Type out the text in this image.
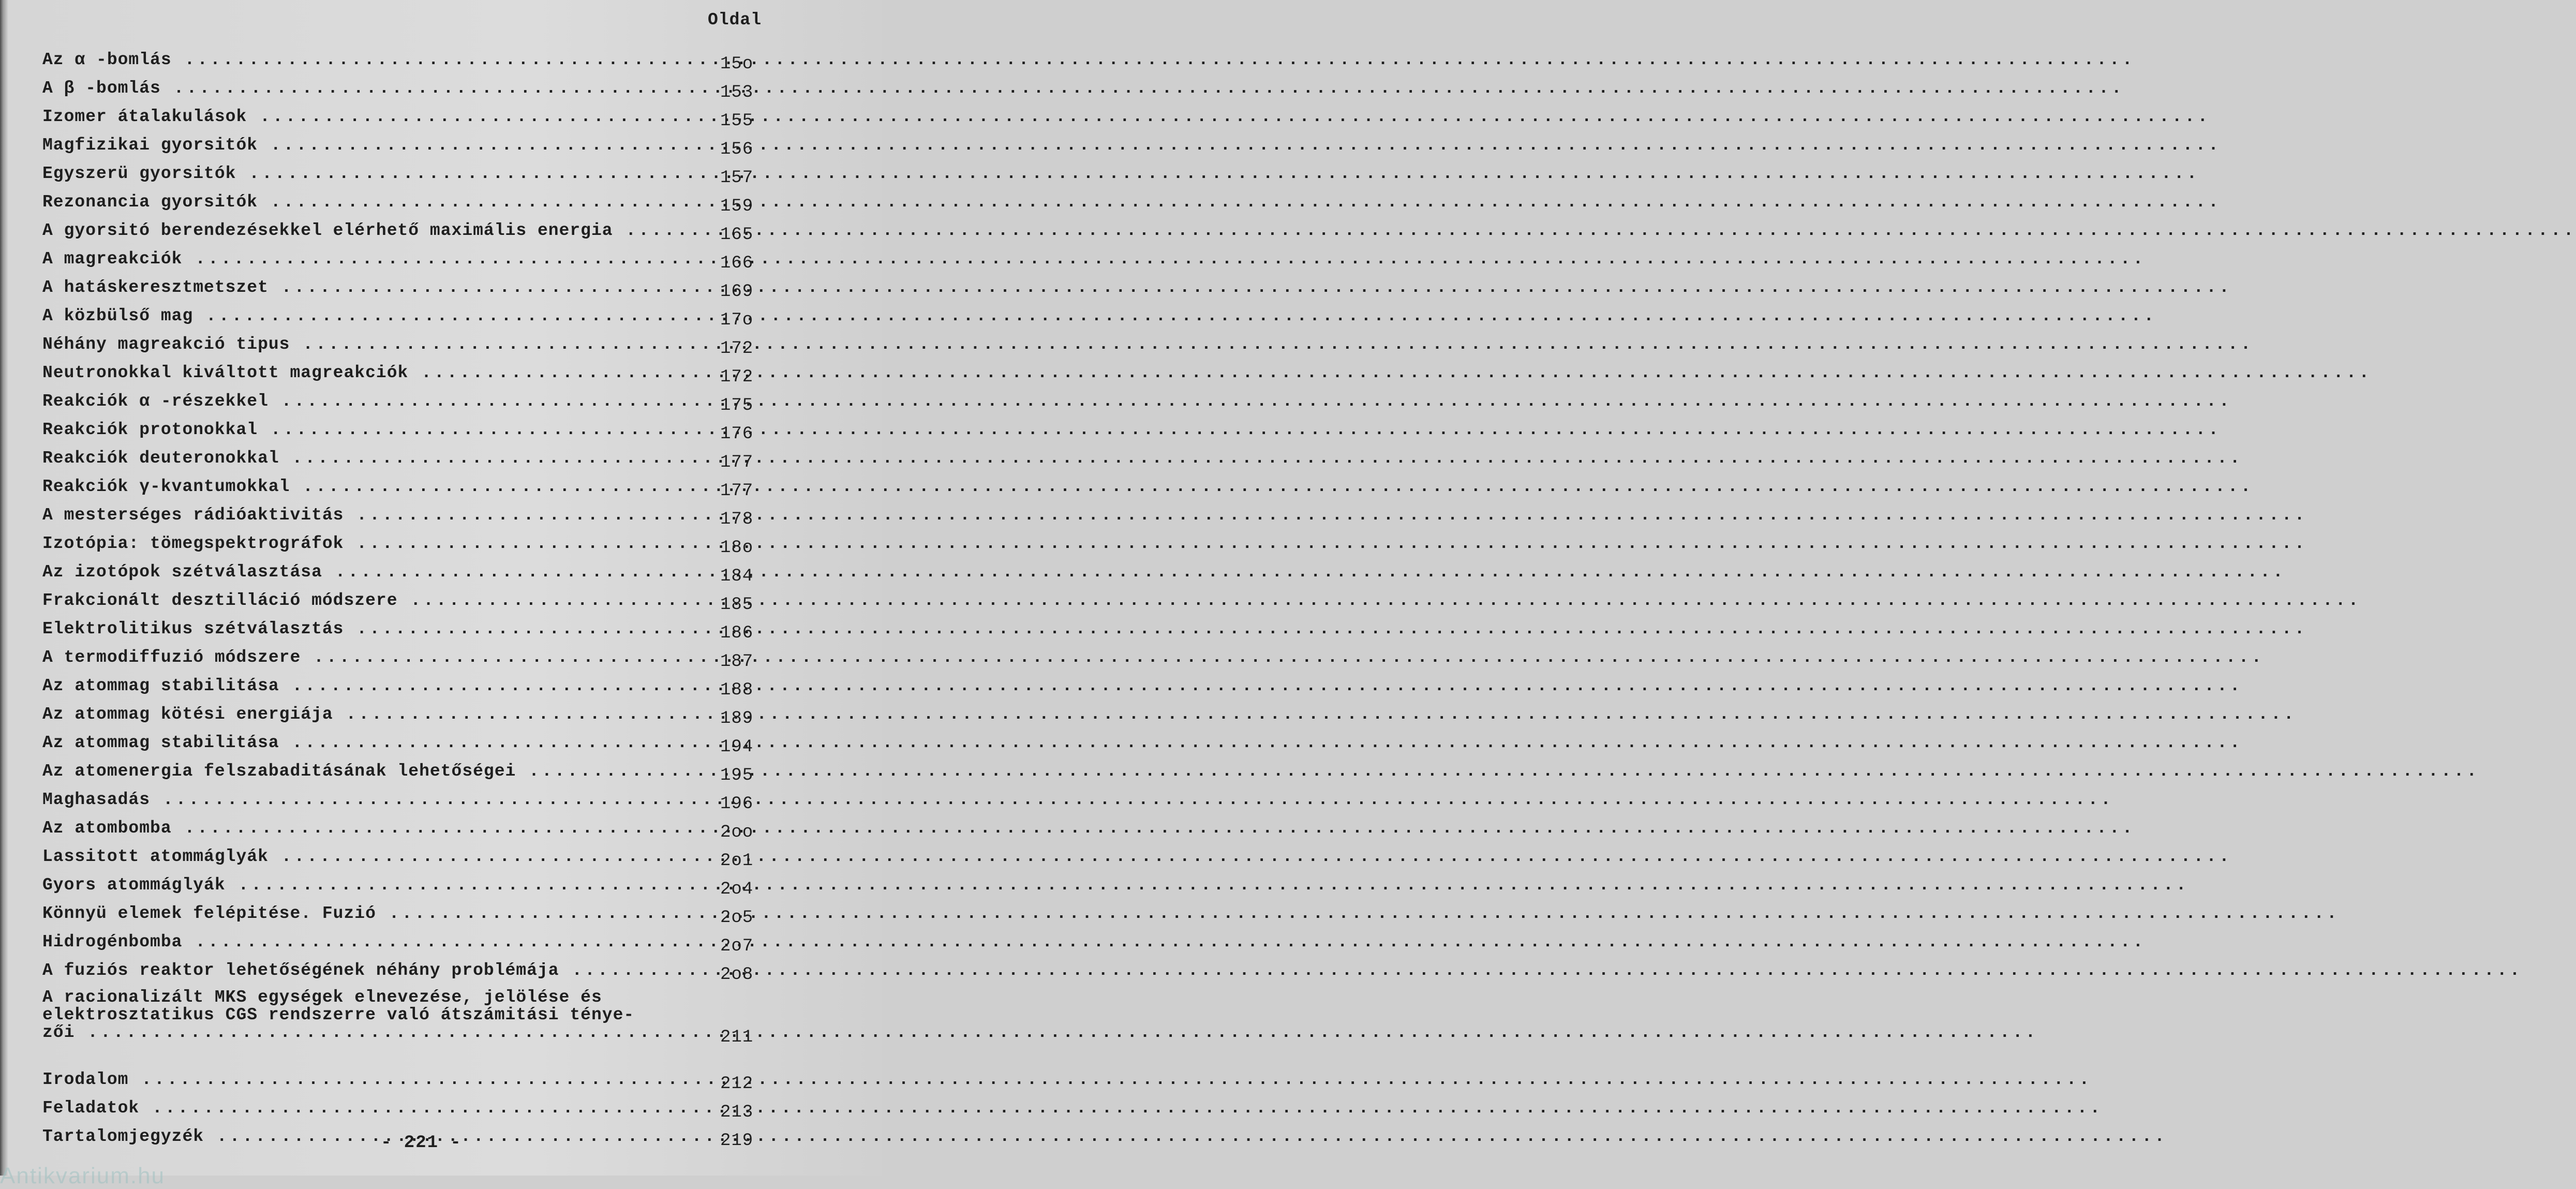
Oldal
Az α -bomlás .....	15o
A β -bomlás .....	153
Izomer átalakulások .....	155
Magfizikai gyorsitók .....	156
Egyszerü gyorsitók .....	157
Rezonancia gyorsitók .....	159
A gyorsitó berendezésekkel elérhető maximális energia .....	165
A magreakciók .....	166
A hatáskeresztmetszet .....	169
A közbülső mag .....	17o
Néhány magreakció tipus .....	172
Neutronokkal kiváltott magreakciók .....	172
Reakciók α -részekkel .....	175
Reakciók protonokkal .....	176
Reakciók deuteronokkal .....	177
Reakciók γ-kvantumokkal .....	177
A mesterséges rádióaktivitás .....	178
Izotópia: tömegspektrográfok .....	18o
Az izotópok szétválasztása .....	184
Frakcionált desztilláció módszere .....	185
Elektrolitikus szétválasztás .....	186
A termodiffuzió módszere .....	187
Az atommag stabilitása .....	188
Az atommag kötési energiája .....	189
Az atommag stabilitása .....	194
Az atomenergia felszabaditásának lehetőségei .....	195
Maghasadás .....	196
Az atombomba .....	2oo
Lassitott atommáglyák .....	2o1
Gyors atommáglyák .....	2o4
Könnyü elemek felépitése. Fuzió .....	2o5
Hidrogénbomba .....	2o7
A fuziós reaktor lehetőségének néhány problémája .....	2o8
A racionalizált MKS egységek elnevezése, jelölése és
elektrosztatikus CGS rendszerre való átszámitási ténye-
zői .....	211
Irodalom .....	212
Feladatok .....	213
Tartalomjegyzék .....	219
- 221 -
Antikvarium.hu
